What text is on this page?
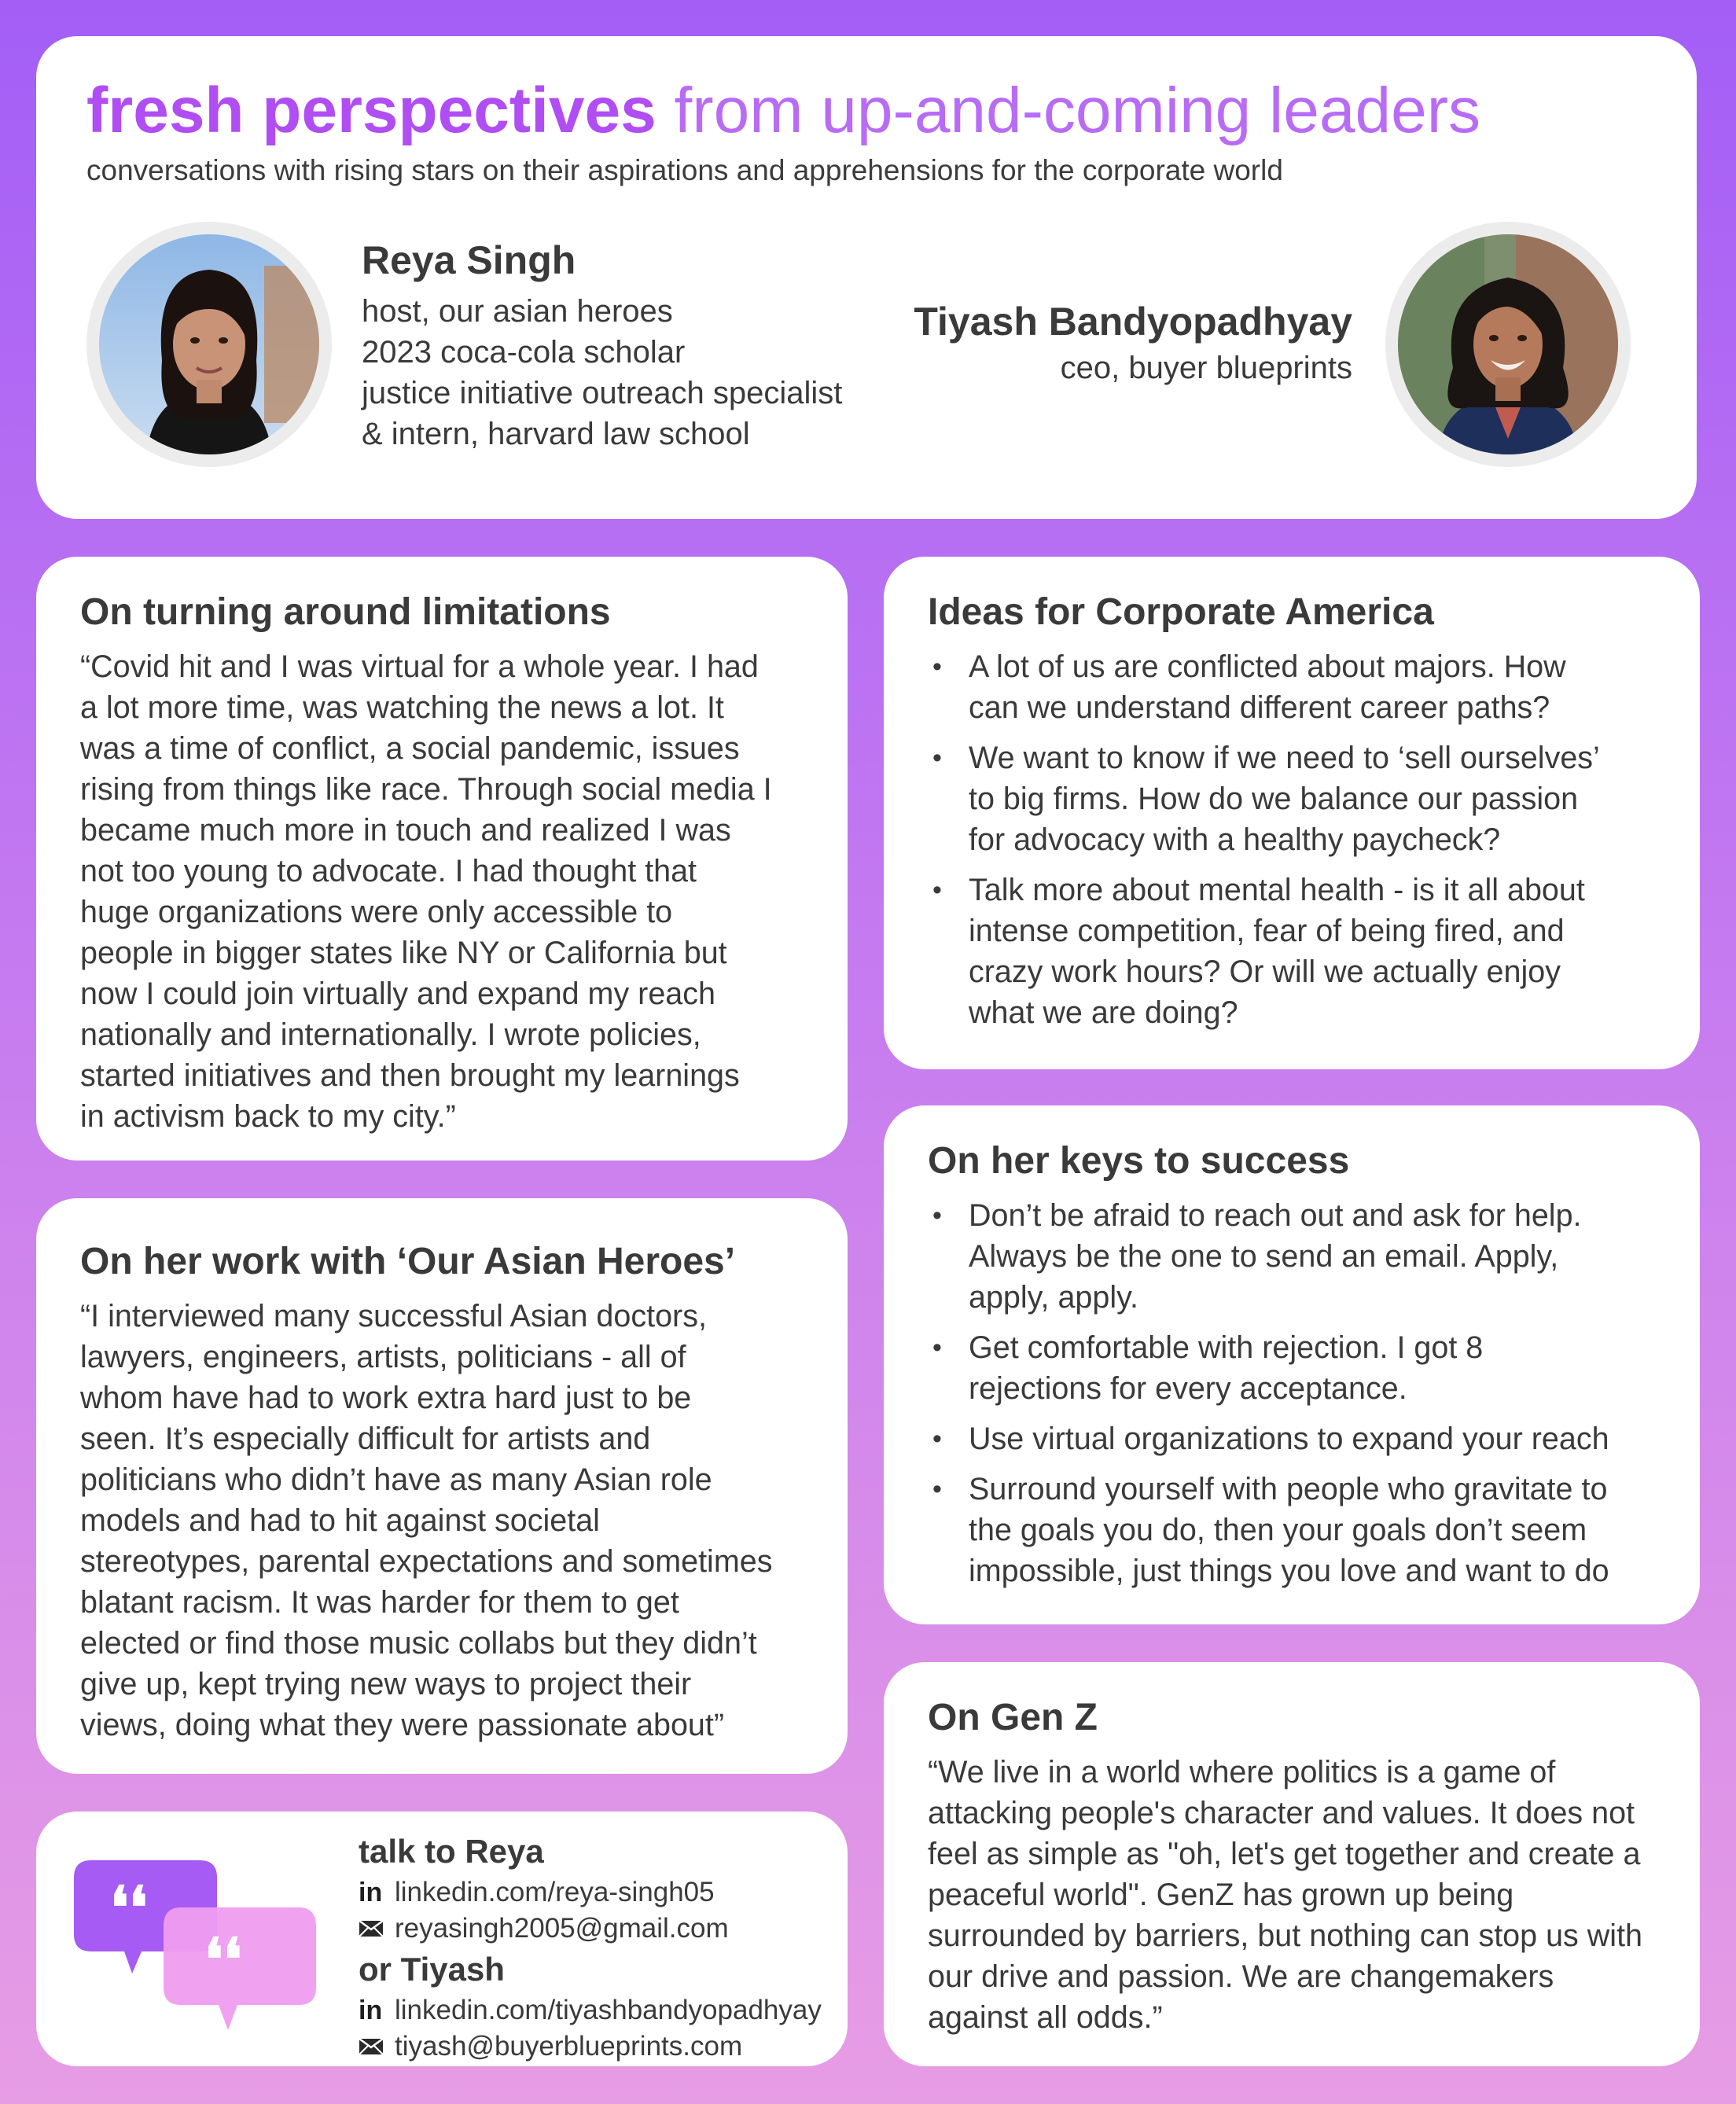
fresh perspectives from up-and-coming leaders
conversations with rising stars on their aspirations and apprehensions for the corporate world
Reya Singh
host, our asian heroes
2023 coca-cola scholar
justice initiative outreach specialist
& intern, harvard law school
Tiyash Bandyopadhyay
ceo, buyer blueprints
On turning around limitations
“Covid hit and I was virtual for a whole year. I had
a lot more time, was watching the news a lot. It
was a time of conflict, a social pandemic, issues
rising from things like race. Through social media I
became much more in touch and realized I was
not too young to advocate. I had thought that
huge organizations were only accessible to
people in bigger states like NY or California but
now I could join virtually and expand my reach
nationally and internationally. I wrote policies,
started initiatives and then brought my learnings
in activism back to my city.”
Ideas for Corporate America
• A lot of us are conflicted about majors. How
can we understand different career paths?
• We want to know if we need to ‘sell ourselves’
to big firms. How do we balance our passion
for advocacy with a healthy paycheck?
• Talk more about mental health - is it all about
intense competition, fear of being fired, and
crazy work hours? Or will we actually enjoy
what we are doing?
On her work with ‘Our Asian Heroes’
“I interviewed many successful Asian doctors,
lawyers, engineers, artists, politicians - all of
whom have had to work extra hard just to be
seen. It’s especially difficult for artists and
politicians who didn’t have as many Asian role
models and had to hit against societal
stereotypes, parental expectations and sometimes
blatant racism. It was harder for them to get
elected or find those music collabs but they didn’t
give up, kept trying new ways to project their
views, doing what they were passionate about”
On her keys to success
• Don’t be afraid to reach out and ask for help.
Always be the one to send an email. Apply,
apply, apply.
• Get comfortable with rejection. I got 8
rejections for every acceptance.
• Use virtual organizations to expand your reach
• Surround yourself with people who gravitate to
the goals you do, then your goals don’t seem
impossible, just things you love and want to do
On Gen Z
“We live in a world where politics is a game of
attacking people's character and values. It does not
feel as simple as "oh, let's get together and create a
peaceful world". GenZ has grown up being
surrounded by barriers, but nothing can stop us with
our drive and passion. We are changemakers
against all odds.”
❛❛
❛❛
talk to Reya
in linkedin.com/reya-singh05
reyasingh2005@gmail.com
or Tiyash
in linkedin.com/tiyashbandyopadhyay
tiyash@buyerblueprints.com
